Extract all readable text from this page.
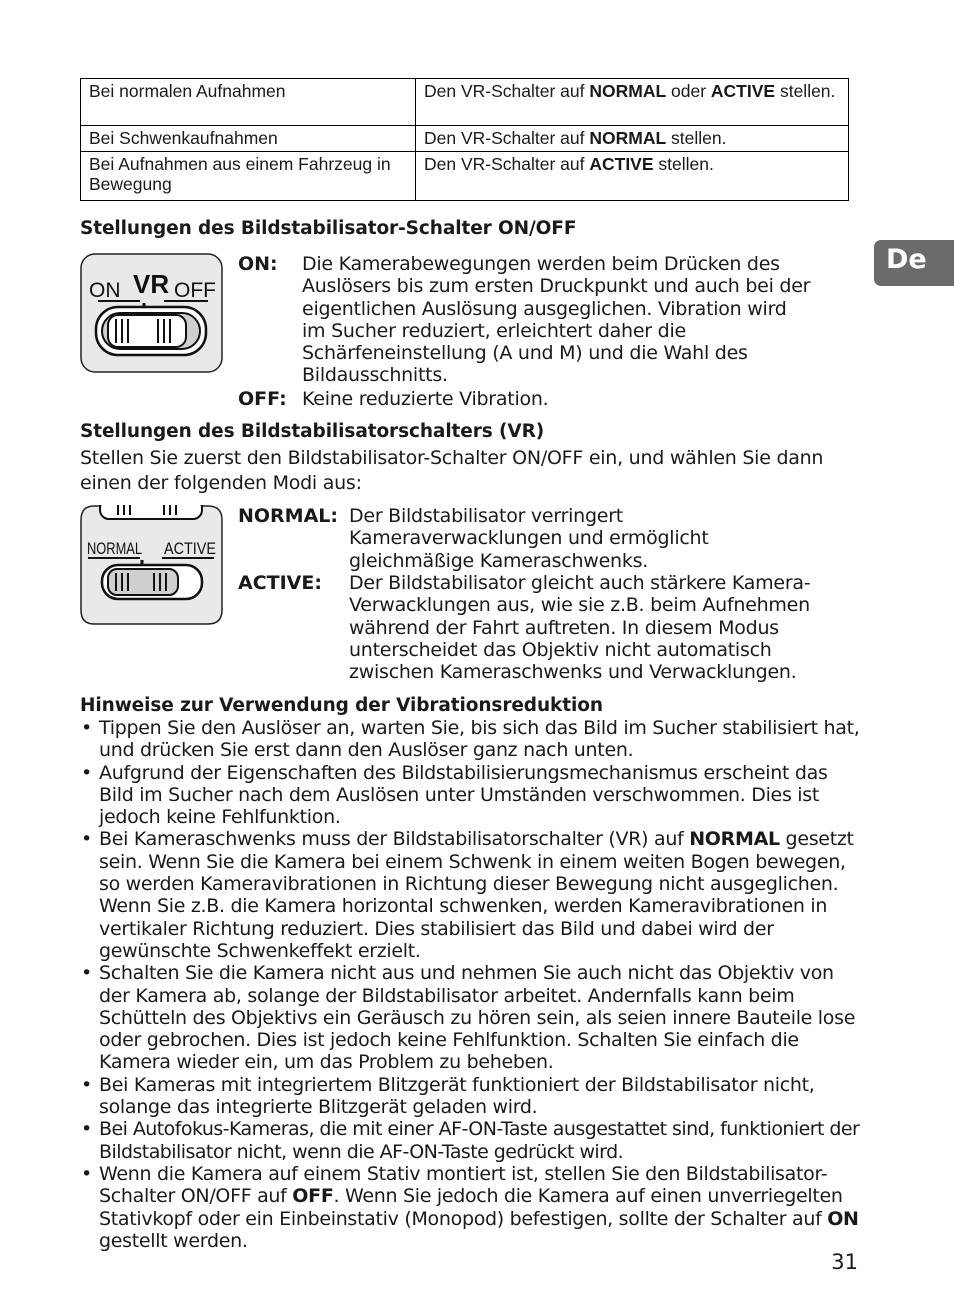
De
Bei normalen Aufnahmen	Den VR-Schalter auf NORMAL oder ACTIVE stellen.
Bei Schwenkaufnahmen	Den VR-Schalter auf NORMAL stellen.
Bei Aufnahmen aus einem Fahrzeug in Bewegung	Den VR-Schalter auf ACTIVE stellen.
Stellungen des Bildstabilisator-Schalter ON/OFF
ON VR OFF
ON: Die Kamerabewegungen werden beim Drücken des Auslösers bis zum ersten Druckpunkt und auch bei der eigentlichen Auslösung ausgeglichen. Vibration wird im Sucher reduziert, erleichtert daher die Schärfeneinstellung (A und M) und die Wahl des Bildausschnitts.
OFF: Keine reduzierte Vibration.
Stellungen des Bildstabilisatorschalters (VR)
Stellen Sie zuerst den Bildstabilisator-Schalter ON/OFF ein, und wählen Sie dann einen der folgenden Modi aus:
NORMAL ACTIVE
NORMAL: Der Bildstabilisator verringert Kameraverwacklungen und ermöglicht gleichmäßige Kameraschwenks.
ACTIVE: Der Bildstabilisator gleicht auch stärkere Kamera-Verwacklungen aus, wie sie z.B. beim Aufnehmen während der Fahrt auftreten. In diesem Modus unterscheidet das Objektiv nicht automatisch zwischen Kameraschwenks und Verwacklungen.
Hinweise zur Verwendung der Vibrationsreduktion
• Tippen Sie den Auslöser an, warten Sie, bis sich das Bild im Sucher stabilisiert hat, und drücken Sie erst dann den Auslöser ganz nach unten.
• Aufgrund der Eigenschaften des Bildstabilisierungsmechanismus erscheint das Bild im Sucher nach dem Auslösen unter Umständen verschwommen. Dies ist jedoch keine Fehlfunktion.
• Bei Kameraschwenks muss der Bildstabilisatorschalter (VR) auf NORMAL gesetzt sein. Wenn Sie die Kamera bei einem Schwenk in einem weiten Bogen bewegen, so werden Kameravibrationen in Richtung dieser Bewegung nicht ausgeglichen. Wenn Sie z.B. die Kamera horizontal schwenken, werden Kameravibrationen in vertikaler Richtung reduziert. Dies stabilisiert das Bild und dabei wird der gewünschte Schwenkeffekt erzielt.
• Schalten Sie die Kamera nicht aus und nehmen Sie auch nicht das Objektiv von der Kamera ab, solange der Bildstabilisator arbeitet. Andernfalls kann beim Schütteln des Objektivs ein Geräusch zu hören sein, als seien innere Bauteile lose oder gebrochen. Dies ist jedoch keine Fehlfunktion. Schalten Sie einfach die Kamera wieder ein, um das Problem zu beheben.
• Bei Kameras mit integriertem Blitzgerät funktioniert der Bildstabilisator nicht, solange das integrierte Blitzgerät geladen wird.
• Bei Autofokus-Kameras, die mit einer AF-ON-Taste ausgestattet sind, funktioniert der Bildstabilisator nicht, wenn die AF-ON-Taste gedrückt wird.
• Wenn die Kamera auf einem Stativ montiert ist, stellen Sie den Bildstabilisator-Schalter ON/OFF auf OFF. Wenn Sie jedoch die Kamera auf einen unverriegelten Stativkopf oder ein Einbeinstativ (Monopod) befestigen, sollte der Schalter auf ON gestellt werden.
31
